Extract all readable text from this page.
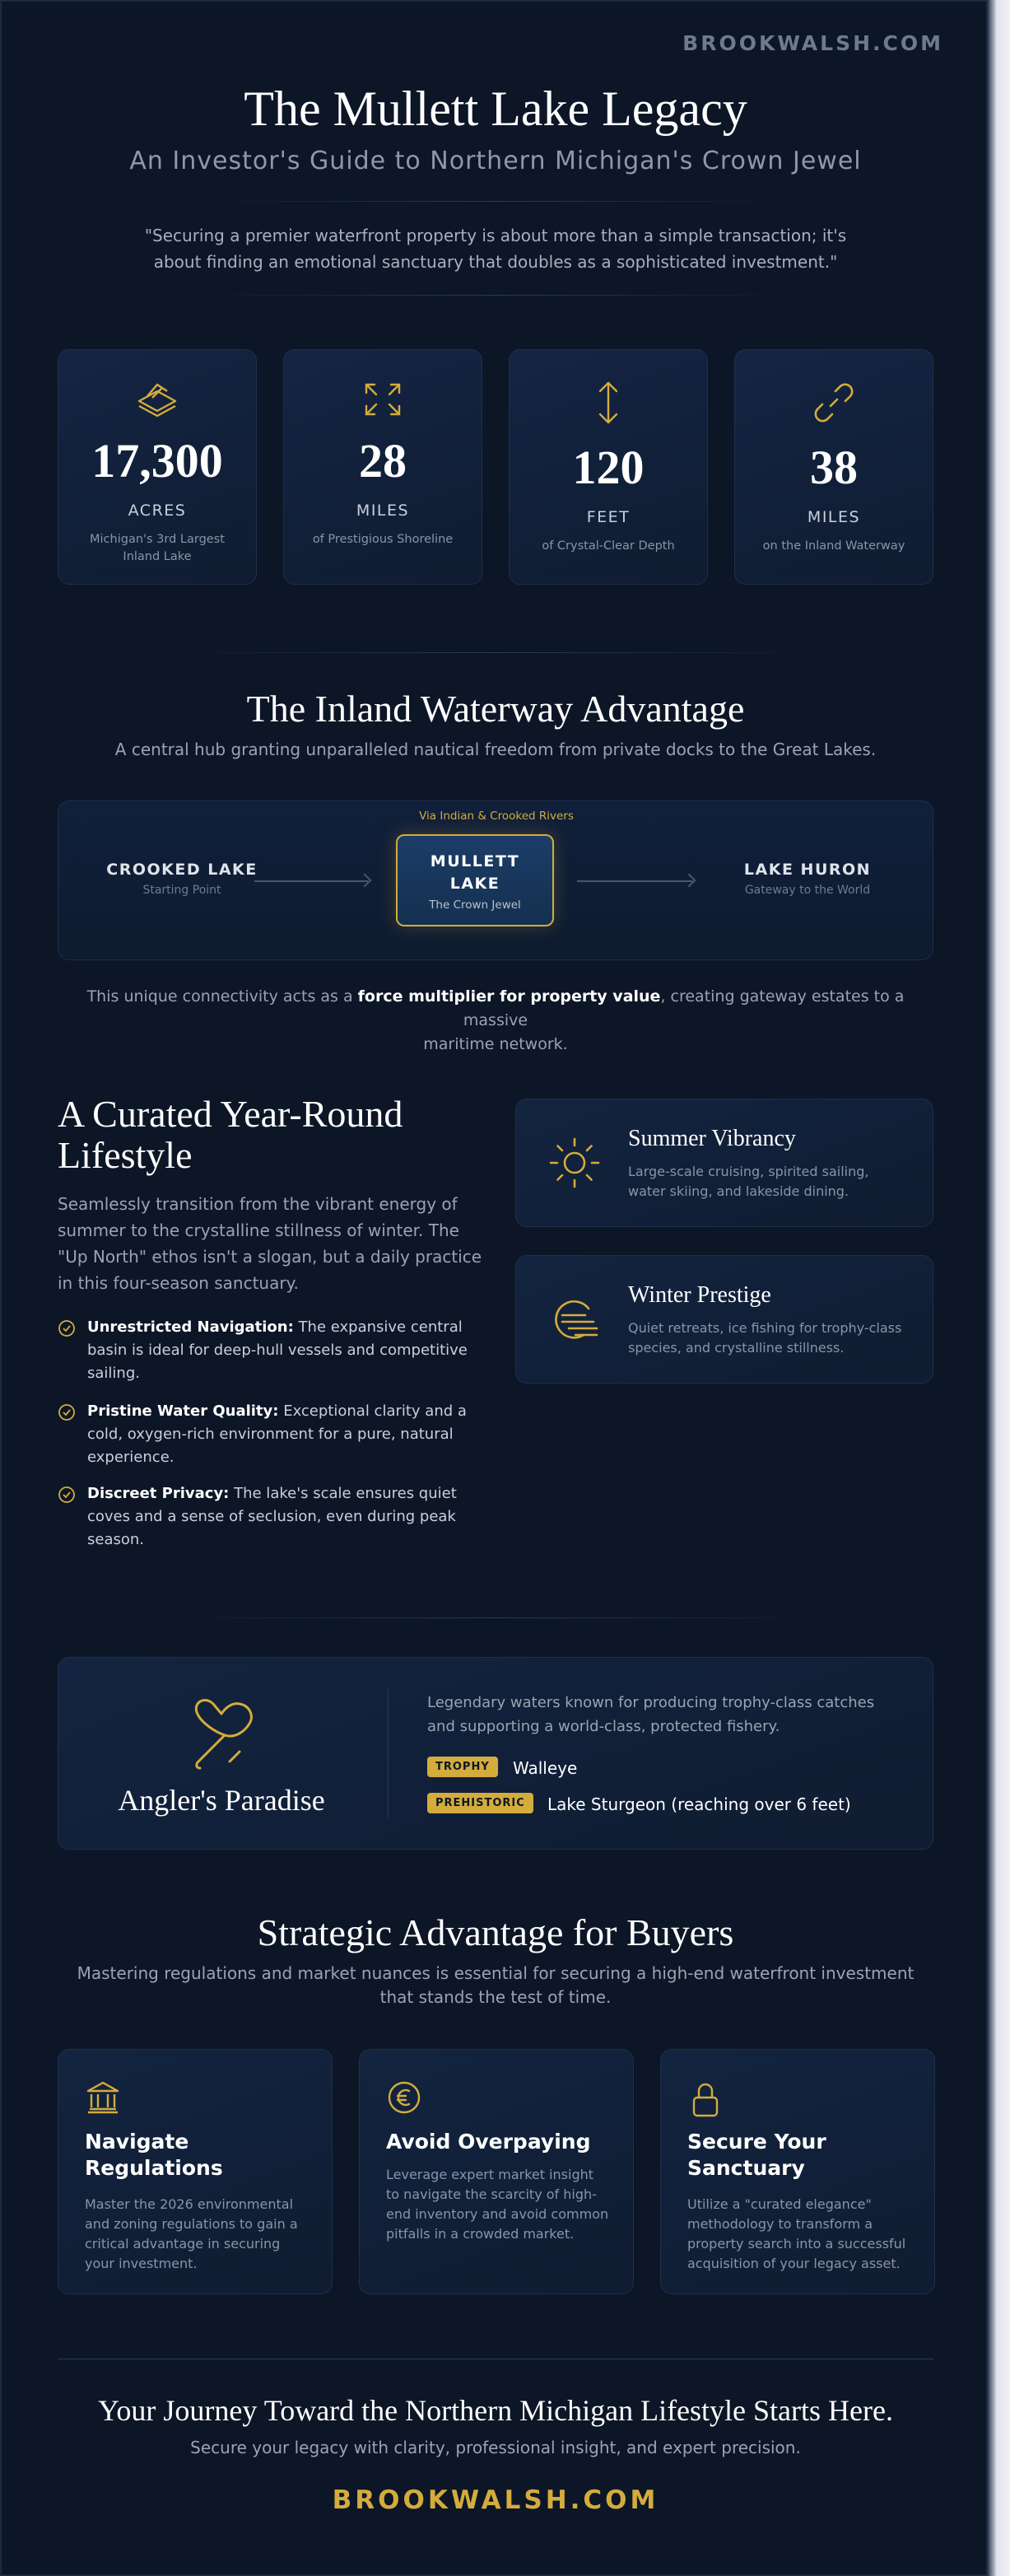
BROOKWALSH.COM
The Mullett Lake Legacy
An Investor's Guide to Northern Michigan's Crown Jewel
"Securing a premier waterfront property is about more than a simple transaction; it's
about finding an emotional sanctuary that doubles as a sophisticated investment."
17,300
ACRES
Michigan's 3rd Largest
Inland Lake
28
MILES
of Prestigious Shoreline
120
FEET
of Crystal-Clear Depth
38
MILES
on the Inland Waterway
The Inland Waterway Advantage
A central hub granting unparalleled nautical freedom from private docks to the Great Lakes.
Via Indian & Crooked Rivers
CROOKED LAKE
Starting Point
MULLETT
LAKE
The Crown Jewel
LAKE HURON
Gateway to the World
This unique connectivity acts as a force multiplier for property value, creating gateway estates to a massive
maritime network.
A Curated Year-Round
Lifestyle
Seamlessly transition from the vibrant energy of summer to the crystalline stillness of winter. The "Up North" ethos isn't a slogan, but a daily practice in this four-season sanctuary.
Unrestricted Navigation: The expansive central basin is ideal for deep-hull vessels and competitive sailing.
Pristine Water Quality: Exceptional clarity and a cold, oxygen-rich environment for a pure, natural experience.
Discreet Privacy: The lake's scale ensures quiet coves and a sense of seclusion, even during peak season.
Summer Vibrancy
Large-scale cruising, spirited sailing, water skiing, and lakeside dining.
Winter Prestige
Quiet retreats, ice fishing for trophy-class species, and crystalline stillness.
Angler's Paradise
Legendary waters known for producing trophy-class catches and supporting a world-class, protected fishery.
TROPHY Walleye
PREHISTORIC Lake Sturgeon (reaching over 6 feet)
Strategic Advantage for Buyers
Mastering regulations and market nuances is essential for securing a high-end waterfront investment that stands the test of time.
Navigate Regulations
Master the 2026 environmental and zoning regulations to gain a critical advantage in securing your investment.
Avoid Overpaying
Leverage expert market insight to navigate the scarcity of high-end inventory and avoid common pitfalls in a crowded market.
Secure Your Sanctuary
Utilize a "curated elegance" methodology to transform a property search into a successful acquisition of your legacy asset.
Your Journey Toward the Northern Michigan Lifestyle Starts Here.
Secure your legacy with clarity, professional insight, and expert precision.
BROOKWALSH.COM
